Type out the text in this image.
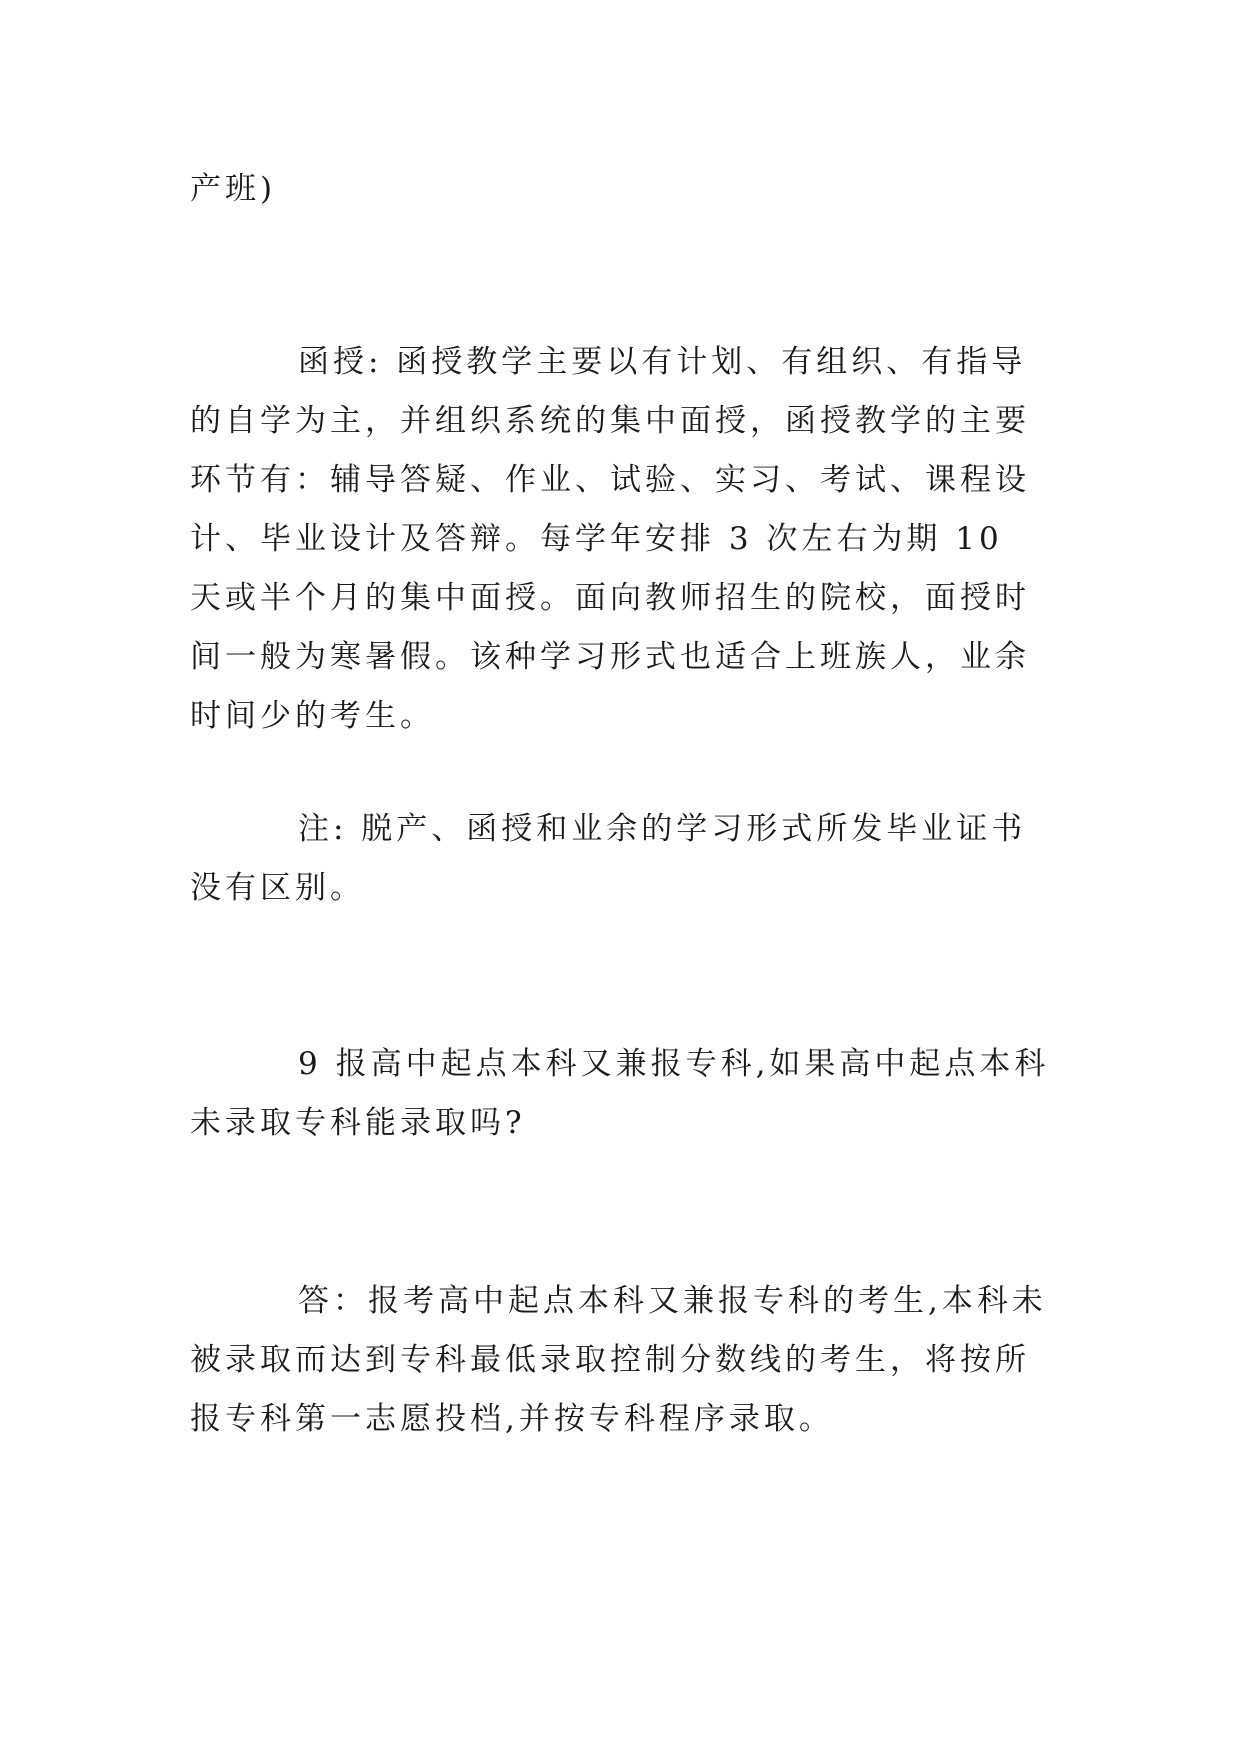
产班)

函授: 函授教学主要以有计划、有组织、有指导的自学为主，并组织系统的集中面授，函授教学的主要环节有：辅导答疑、作业、试验、实习、考试、课程设计、毕业设计及答辩。每学年安排 3 次左右为期 10 天或半个月的集中面授。面向教师招生的院校，面授时间一般为寒暑假。该种学习形式也适合上班族人，业余时间少的考生。

注: 脱产、函授和业余的学习形式所发毕业证书没有区别。

9 报高中起点本科又兼报专科,如果高中起点本科未录取专科能录取吗?

答：报考高中起点本科又兼报专科的考生,本科未被录取而达到专科最低录取控制分数线的考生，将按所报专科第一志愿投档,并按专科程序录取。
